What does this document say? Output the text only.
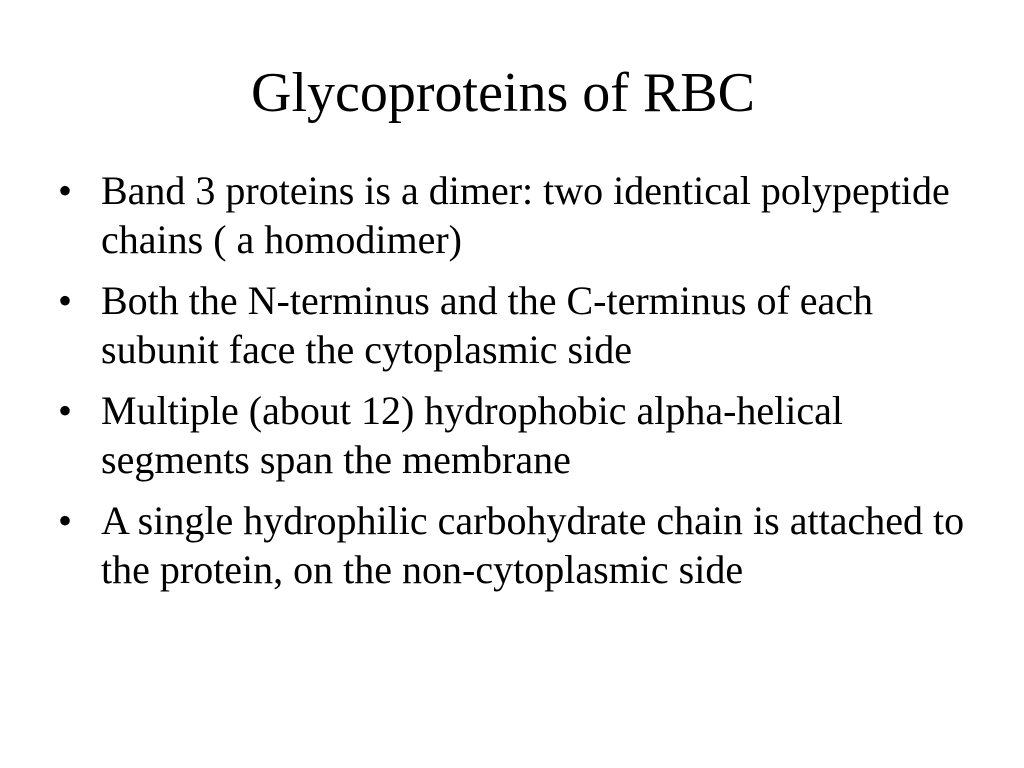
Glycoproteins of RBC
• Band 3 proteins is a dimer: two identical polypeptide chains ( a homodimer)
• Both the N-terminus and the C-terminus of each subunit face the cytoplasmic side
• Multiple (about 12) hydrophobic alpha-helical segments span the membrane
• A single hydrophilic carbohydrate chain is attached to the protein, on the non-cytoplasmic side
